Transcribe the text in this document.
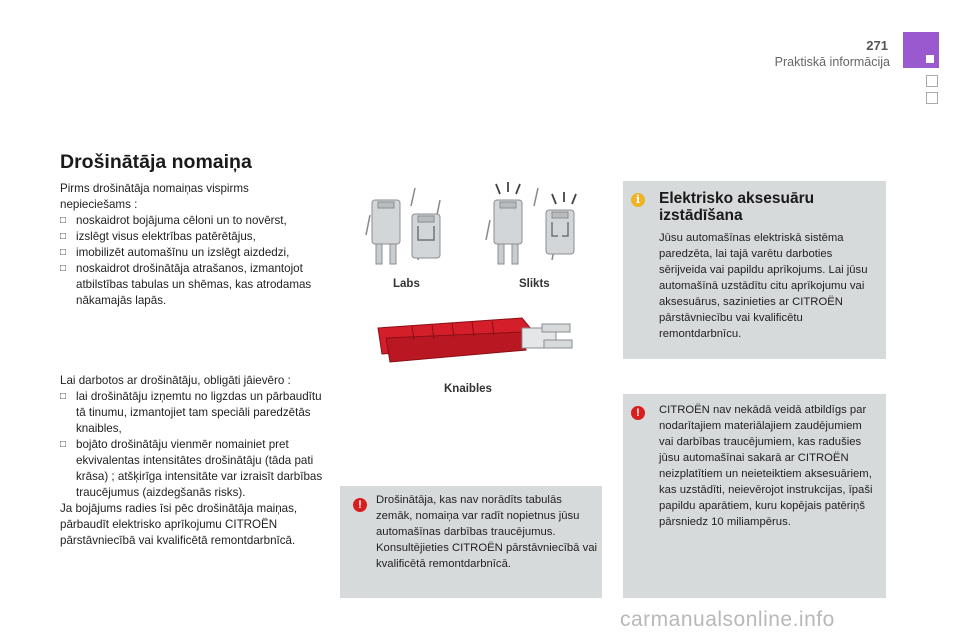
271
Praktiskā informācija
Drošinātāja nomaiņa

Pirms drošinātāja nomaiņas vispirms nepieciešams :

□ noskaidrot bojājuma cēloni un to novērst,
□ izslēgt visus elektrības patērētājus,
□ imobilizēt automašīnu un izslēgt aizdedzi,
□ noskaidrot drošinātāja atrašanos, izmantojot atbilstības tabulas un shēmas, kas atrodamas nākamajās lapās.

Lai darbotos ar drošinātāju, obligāti jāievēro :

□ lai drošinātāju izņemtu no ligzdas un pārbaudītu tā tinumu, izmantojiet tam speciāli paredzētās knaibles,
□ bojāto drošinātāju vienmēr nomainiet pret ekvivalentas intensitātes drošinātāju (tāda pati krāsa) ; atšķirīga intensitāte var izraisīt darbības traucējumus (aizdegšanās risks).

Ja bojājums radies īsi pēc drošinātāja maiņas, pārbaudīt elektrisko aprīkojumu CITROËN pārstāvniecībā vai kvalificētā remontdarbnīcā.

Labs	Slikts
Knaibles
!	Drošinātāja, kas nav norādīts tabulās zemāk, nomaiņa var radīt nopietnus jūsu automašīnas darbības traucējumus. Konsultējieties CITROËN pārstāvniecībā vai kvalificētā remontdarbnīcā.
i	Elektrisko aksesuāru izstādīšana
Jūsu automašīnas elektriskā sistēma paredzēta, lai tajā varētu darboties sērijveida vai papildu aprīkojums. Lai jūsu automašīnā uzstādītu citu aprīkojumu vai aksesuārus, sazinieties ar CITROËN pārstāvniecību vai kvalificētu remontdarbnīcu.
!	CITROËN nav nekādā veidā atbildīgs par nodarītajiem materiālajiem zaudējumiem vai darbības traucējumiem, kas radušies jūsu automašīnai sakarā ar CITROËN neizplatītiem un neieteiktiem aksesuāriem, kas uzstādīti, neievērojot instrukcijas, īpaši papildu aparātiem, kuru kopējais patēriņš pārsniedz 10 miliampērus.
carmanualsonline.info
